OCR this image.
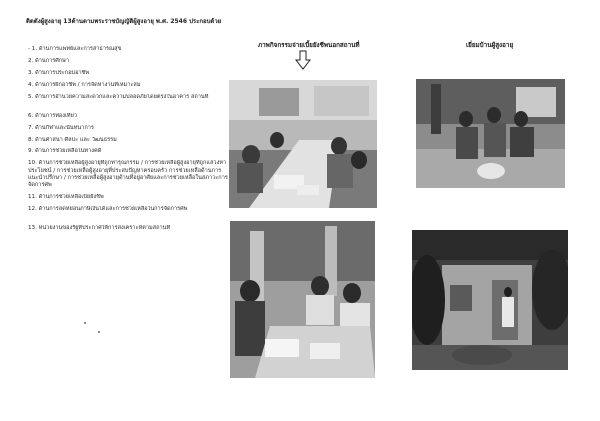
ติดตั้งผู้สูงอายุ 13ด้านตามพระราชบัญญัติผู้สูงอายุ พ.ศ. 2546 ประกอบด้วย
- 1. ด้านการแพทย์และการสาธารณสุข
2. ด้านการศึกษา
3. ด้านการประกอบอาชีพ
4. ด้านการฝึกอาชีพ / การจัดหางานที่เหมาะสม
5. ด้านการอำนวยความสะดวกและความปลอดภัยโดยตรงในอาคาร สถานที่
6. ด้านการท่องเที่ยว
7. ด้านกีฬาและนันทนาการ
8. ด้านศาสนา ศิลปะ และ วัฒนธรรม
9. ด้านการช่วยเหลือในทางคดี
10. ด้านการช่วยเหลือผู้สูงอายุที่ถูกทารุณกรรม / การช่วยเหลือผู้สูงอายุที่ถูกแสวงหาประโยชน์ / การช่วยเหลือผู้สูงอายุที่ประสบปัญหาครอบครัว การช่วยเหลือด้านการแนะนำปรึกษา / การช่วยเหลือผู้สูงอายุด้านที่อยู่อาศัยและการช่วยเหลือในสภาวะการจัดการศพ
11. ด้านการช่วยเหลือเบี้ยยังชีพ
12. ด้านการลดหย่อนภาษีเงินได้และการช่วยเหลือในการจัดการศพ
13. หน่วยงานของรัฐที่ประกาศให้การสงเคราะห์ตามสถานที่
ภาพกิจกรรมจ่ายเบี้ยยังชีพนอกสถานที่	เยี่ยมบ้านผู้สูงอายุ
